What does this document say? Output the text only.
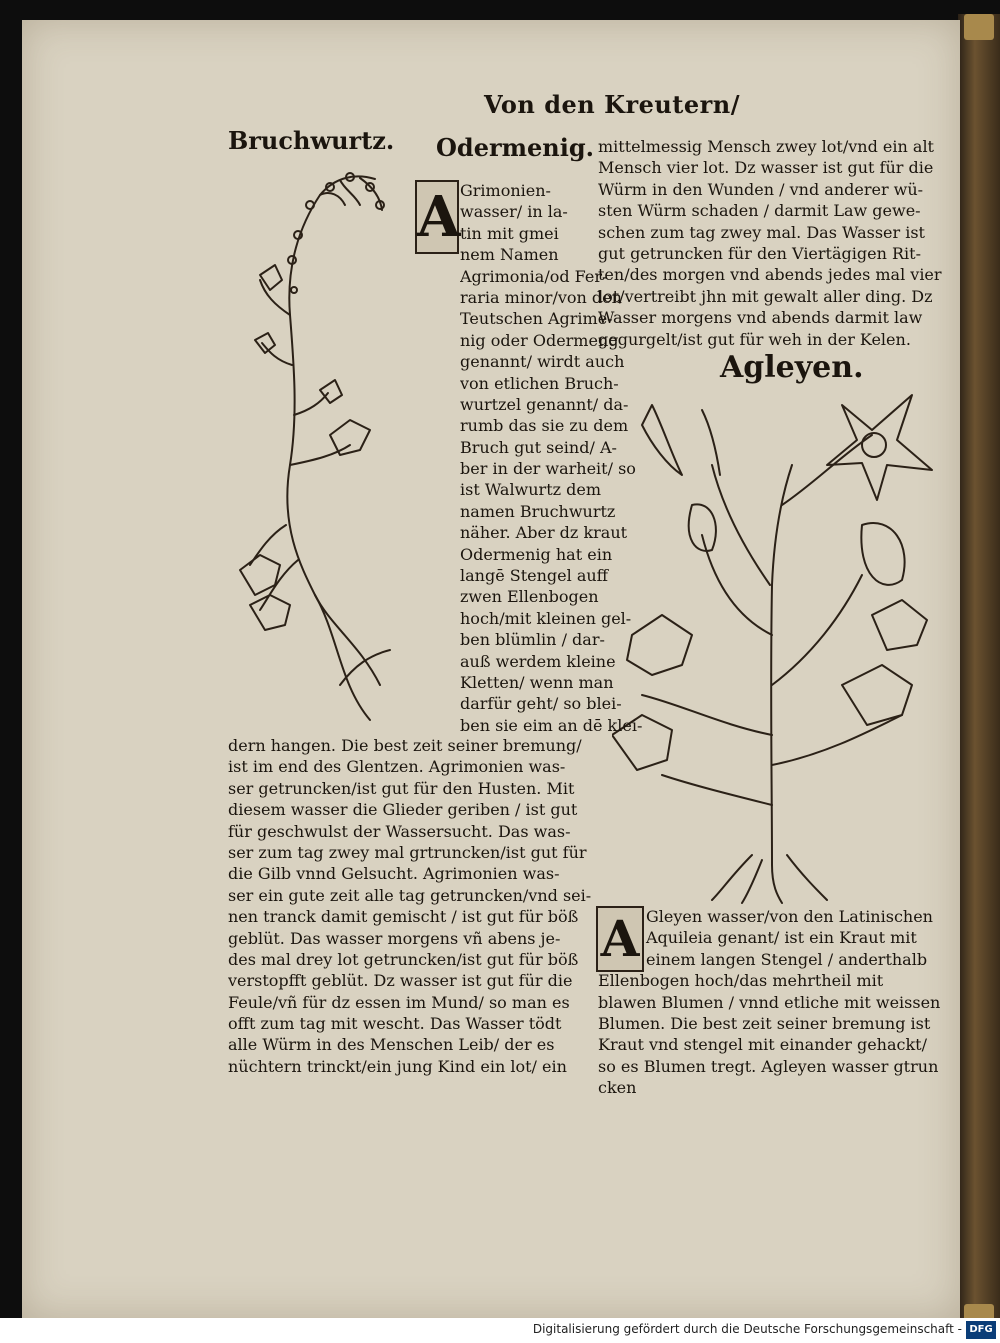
Von den Kreutern/
Bruchwurtz. Odermenig.
Agleyen.
A Grimonien-
wasser/ in la-
tin mit gmei
nem Namen
Agrimonia/od Fer-
raria minor/von den
Teutschen Agrime-
nig oder Odermeng
genannt/ wirdt auch
von etlichen Bruch-
wurtzel genannt/ da-
rumb das sie zu dem
Bruch gut seind/ A-
ber in der warheit/ so
ist Walwurtz dem
namen Bruchwurtz
näher. Aber dz kraut
Odermenig hat ein
langē Stengel auff
zwen Ellenbogen
hoch/mit kleinen gel-
ben blümlin / dar-
auß werdem kleine
Kletten/ wenn man
darfür geht/ so blei-
ben sie eim an dē klei-
dern hangen. Die best zeit seiner bremung/
ist im end des Glentzen. Agrimonien was-
ser getruncken/ist gut für den Husten. Mit
diesem wasser die Glieder geriben / ist gut
für geschwulst der Wassersucht. Das was-
ser zum tag zwey mal grtruncken/ist gut für
die Gilb vnnd Gelsucht. Agrimonien was-
ser ein gute zeit alle tag getruncken/vnd sei-
nen tranck damit gemischt / ist gut für böß
geblüt. Das wasser morgens vñ abens je-
des mal drey lot getruncken/ist gut für böß
verstopfft geblüt. Dz wasser ist gut für die
Feule/vñ für dz essen im Mund/ so man es
offt zum tag mit wescht. Das Wasser tödt
alle Würm in des Menschen Leib/ der es
nüchtern trinckt/ein jung Kind ein lot/ ein
mittelmessig Mensch zwey lot/vnd ein alt
Mensch vier lot. Dz wasser ist gut für die
Würm in den Wunden / vnd anderer wü-
sten Würm schaden / darmit Law gewe-
schen zum tag zwey mal. Das Wasser ist
gut getruncken für den Viertägigen Rit-
ten/des morgen vnd abends jedes mal vier
lot/vertreibt jhn mit gewalt aller ding. Dz
Wasser morgens vnd abends darmit law
gegurgelt/ist gut für weh in der Kelen.
A Gleyen wasser/von den Latinischen
Aquileia genant/ ist ein Kraut mit
einem langen Stengel / anderthalb
Ellenbogen hoch/das mehrtheil mit
blawen Blumen / vnnd etliche mit weissen
Blumen. Die best zeit seiner bremung ist
Kraut vnd stengel mit einander gehackt/
so es Blumen tregt. Agleyen wasser gtrun
cken
Digitalisierung gefördert durch die Deutsche Forschungsgemeinschaft - DFG
